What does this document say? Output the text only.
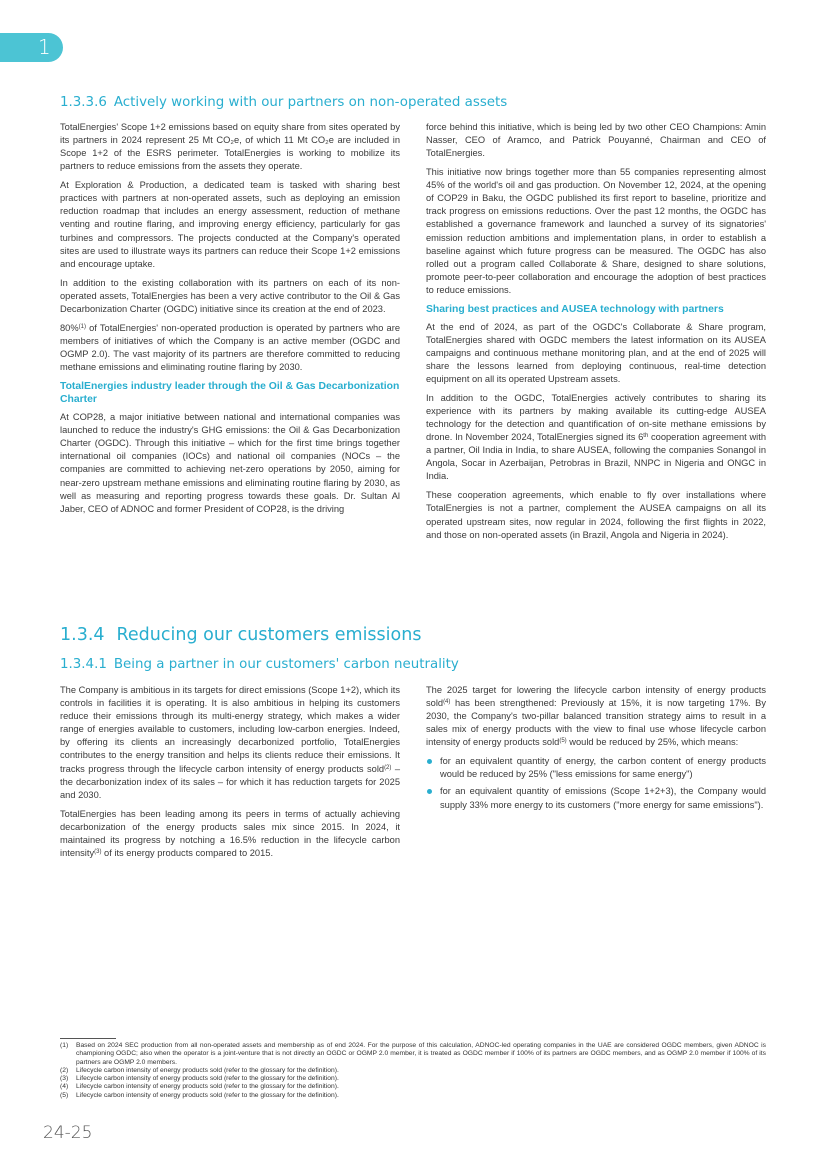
1
1.3.3.6 Actively working with our partners on non-operated assets

TotalEnergies' Scope 1+2 emissions based on equity share from sites operated by its partners in 2024 represent 25 Mt CO₂e, of which 11 Mt CO₂e are included in Scope 1+2 of the ESRS perimeter. TotalEnergies is working to mobilize its partners to reduce emissions from the assets they operate.

At Exploration & Production, a dedicated team is tasked with sharing best practices with partners at non-operated assets, such as deploying an emission reduction roadmap that includes an energy assessment, reduction of methane venting and routine flaring, and improving energy efficiency, particularly for gas turbines and compressors. The projects conducted at the Company's operated sites are used to illustrate ways its partners can reduce their Scope 1+2 emissions and encourage uptake.

In addition to the existing collaboration with its partners on each of its non-operated assets, TotalEnergies has been a very active contributor to the Oil & Gas Decarbonization Charter (OGDC) initiative since its creation at the end of 2023.

80%$^{(1)}$ of TotalEnergies' non-operated production is operated by partners who are members of initiatives of which the Company is an active member (OGDC and OGMP 2.0). The vast majority of its partners are therefore committed to reducing methane emissions and eliminating routine flaring by 2030.

TotalEnergies industry leader through the Oil & Gas Decarbonization Charter

At COP28, a major initiative between national and international companies was launched to reduce the industry's GHG emissions: the Oil & Gas Decarbonization Charter (OGDC). Through this initiative – which for the first time brings together international oil companies (IOCs) and national oil companies (NOCs – the companies are committed to achieving net-zero operations by 2050, aiming for near-zero upstream methane emissions and eliminating routine flaring by 2030, as well as measuring and reporting progress towards these goals. Dr. Sultan Al Jaber, CEO of ADNOC and former President of COP28, is the driving

force behind this initiative, which is being led by two other CEO Champions: Amin Nasser, CEO of Aramco, and Patrick Pouyanné, Chairman and CEO of TotalEnergies.

This initiative now brings together more than 55 companies representing almost 45% of the world's oil and gas production. On November 12, 2024, at the opening of COP29 in Baku, the OGDC published its first report to baseline, prioritize and track progress on emissions reductions. Over the past 12 months, the OGDC has established a governance framework and launched a survey of its signatories' emission reduction ambitions and implementation plans, in order to establish a baseline against which future progress can be measured. The OGDC has also rolled out a program called Collaborate & Share, designed to share solutions, promote peer-to-peer collaboration and encourage the adoption of best practices to reduce emissions.

Sharing best practices and AUSEA technology with partners

At the end of 2024, as part of the OGDC's Collaborate & Share program, TotalEnergies shared with OGDC members the latest information on its AUSEA campaigns and continuous methane monitoring plan, and at the end of 2025 will share the lessons learned from deploying continuous, real-time detection equipment on all its operated Upstream assets.

In addition to the OGDC, TotalEnergies actively contributes to sharing its experience with its partners by making available its cutting-edge AUSEA technology for the detection and quantification of on-site methane emissions by drone. In November 2024, TotalEnergies signed its 6th cooperation agreement with a partner, Oil India in India, to share AUSEA, following the companies Sonangol in Angola, Socar in Azerbaijan, Petrobras in Brazil, NNPC in Nigeria and ONGC in India.

These cooperation agreements, which enable to fly over installations where TotalEnergies is not a partner, complement the AUSEA campaigns on all its operated upstream sites, now regular in 2024, following the first flights in 2022, and those on non-operated assets (in Brazil, Angola and Nigeria in 2024).

1.3.4 Reducing our customers emissions
1.3.4.1 Being a partner in our customers' carbon neutrality

The Company is ambitious in its targets for direct emissions (Scope 1+2), which its controls in facilities it is operating. It is also ambitious in helping its customers reduce their emissions through its multi-energy strategy, which makes a wider range of energies available to customers, including low-carbon energies. Indeed, by offering its clients an increasingly decarbonized portfolio, TotalEnergies contributes to the energy transition and helps its clients reduce their emissions. It tracks progress through the lifecycle carbon intensity of energy products sold$^{(2)}$ – the decarbonization index of its sales – for which it has reduction targets for 2025 and 2030.

TotalEnergies has been leading among its peers in terms of actually achieving decarbonization of the energy products sales mix since 2015. In 2024, it maintained its progress by notching a 16.5% reduction in the lifecycle carbon intensity$^{(3)}$ of its energy products compared to 2015.

The 2025 target for lowering the lifecycle carbon intensity of energy products sold$^{(4)}$ has been strengthened: Previously at 15%, it is now targeting 17%. By 2030, the Company's two-pillar balanced transition strategy aims to result in a sales mix of energy products with the view to final use whose lifecycle carbon intensity of energy products sold$^{(5)}$ would be reduced by 25%, which means:

for an equivalent quantity of energy, the carbon content of energy products would be reduced by 25% ("less emissions for same energy")
for an equivalent quantity of emissions (Scope 1+2+3), the Company would supply 33% more energy to its customers ("more energy for same emissions").
(1)	Based on 2024 SEC production from all non-operated assets and membership as of end 2024. For the purpose of this calculation, ADNOC-led operating companies in the UAE are considered OGDC members, given ADNOC is championing OGDC; also when the operator is a joint-venture that is not directly an OGDC or OGMP 2.0 member, it is treated as OGDC member if 100% of its partners are OGDC members, and as OGMP 2.0 member if 100% of its partners are OGMP 2.0 members.
(2)	Lifecycle carbon intensity of energy products sold (refer to the glossary for the definition).
(3)	Lifecycle carbon intensity of energy products sold (refer to the glossary for the definition).
(4)	Lifecycle carbon intensity of energy products sold (refer to the glossary for the definition).
(5)	Lifecycle carbon intensity of energy products sold (refer to the glossary for the definition).
24-25
